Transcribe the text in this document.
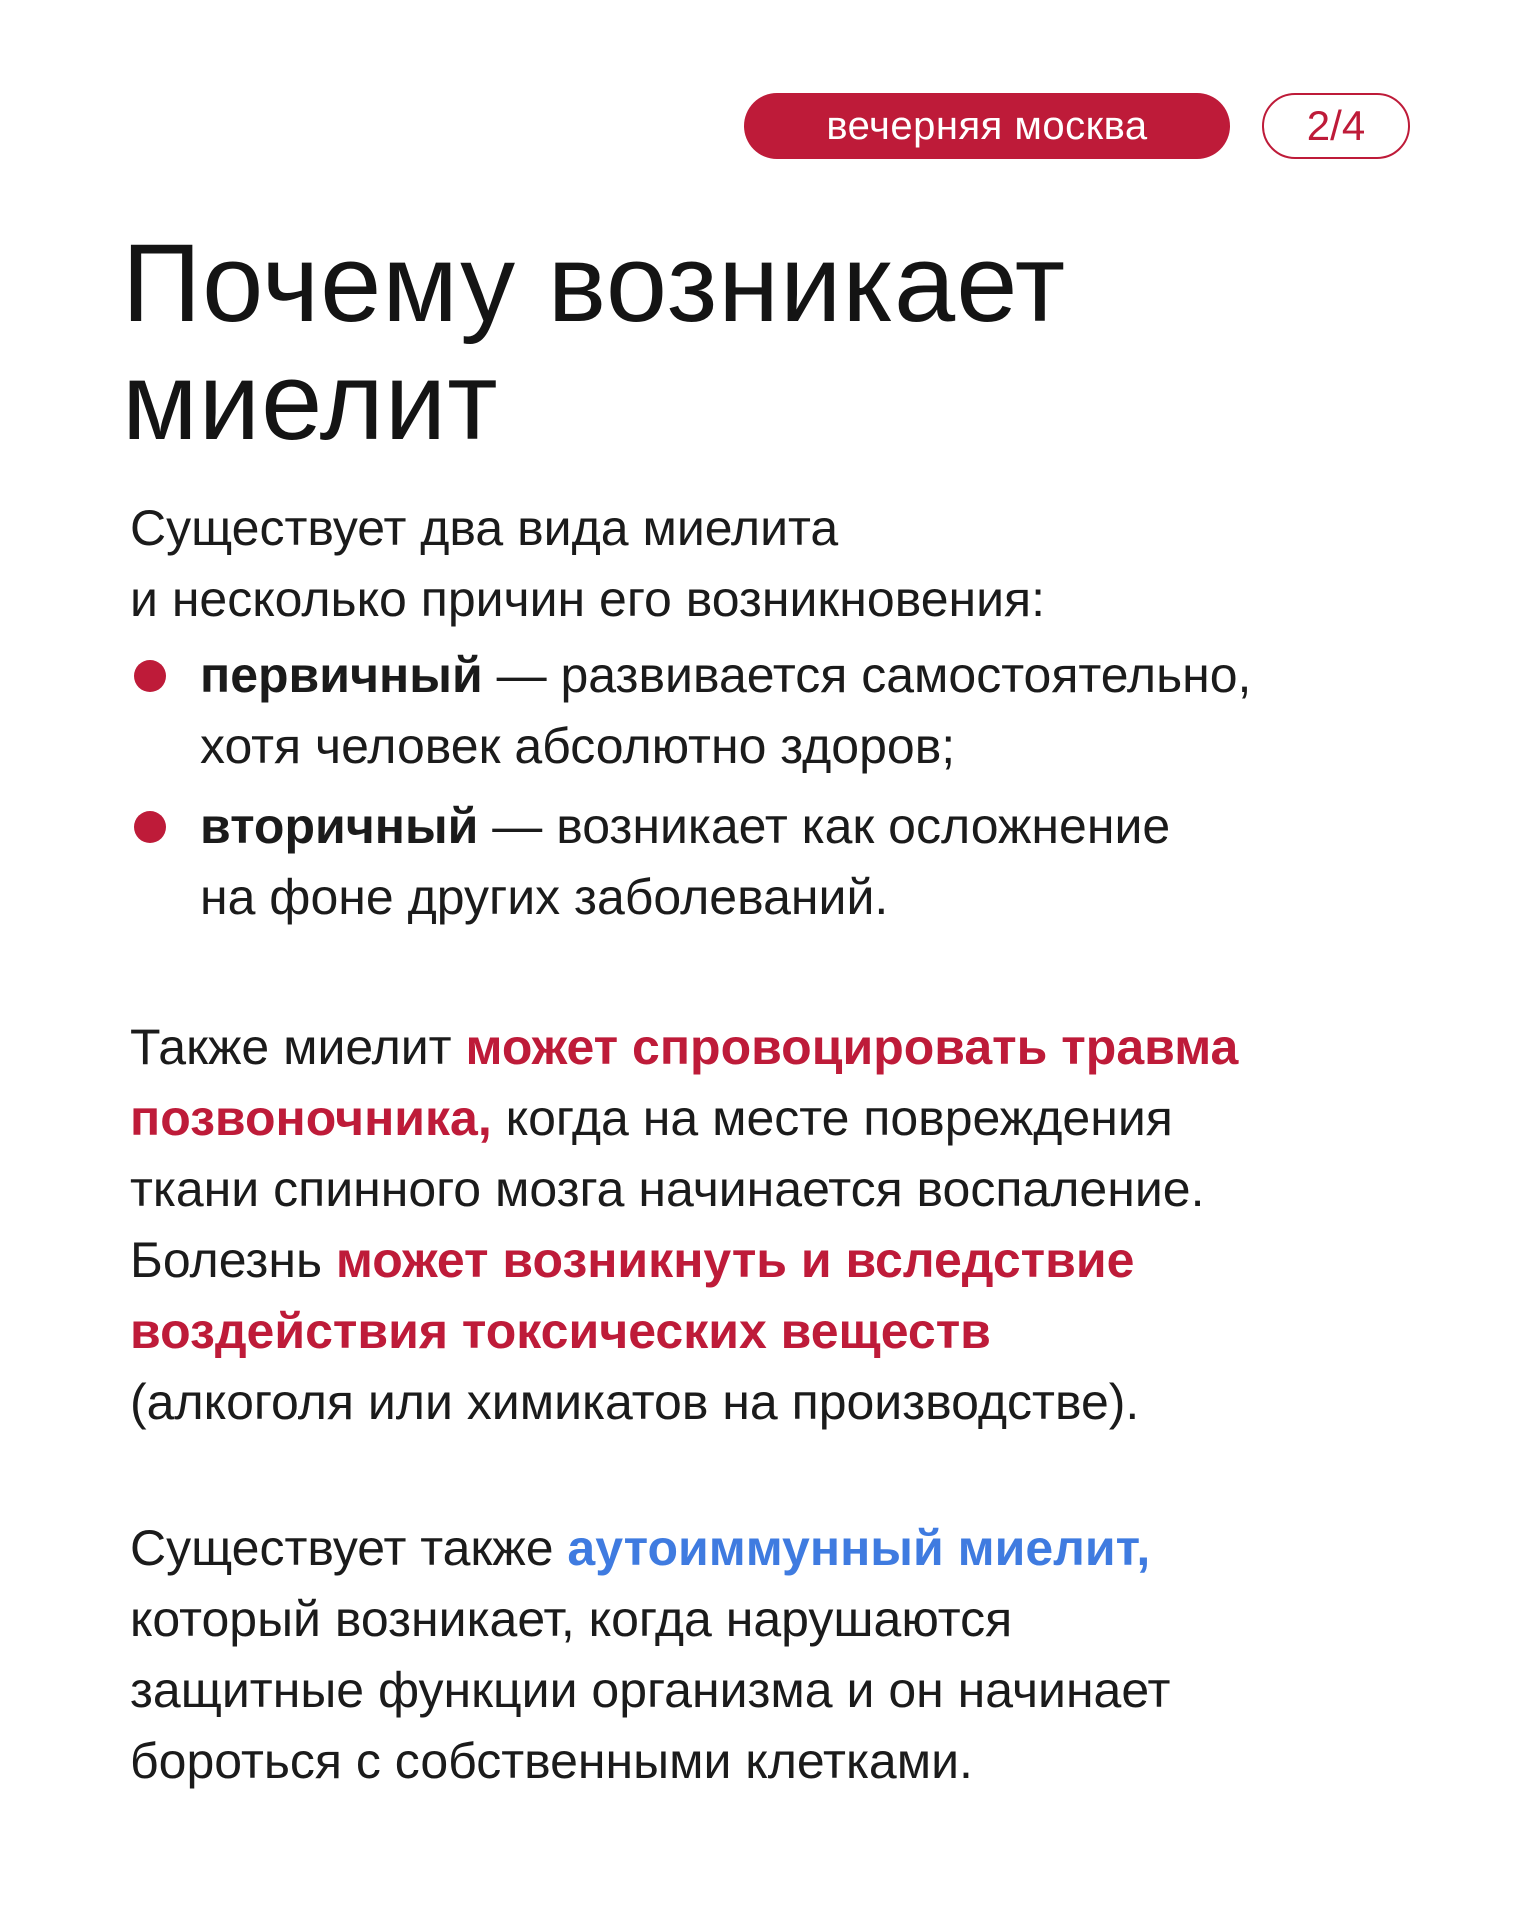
вечерняя москва	2/4
Почему возникает
миелит

Существует два вида миелита
и несколько причин его возникновения:

первичный — развивается самостоятельно,
хотя человек абсолютно здоров;
вторичный — возникает как осложнение
на фоне других заболеваний.

Также миелит может спровоцировать травма
позвоночника, когда на месте повреждения
ткани спинного мозга начинается воспаление.
Болезнь может возникнуть и вследствие
воздействия токсических веществ
(алкоголя или химикатов на производстве).

Существует также аутоиммунный миелит,
который возникает, когда нарушаются
защитные функции организма и он начинает
бороться с собственными клетками.
